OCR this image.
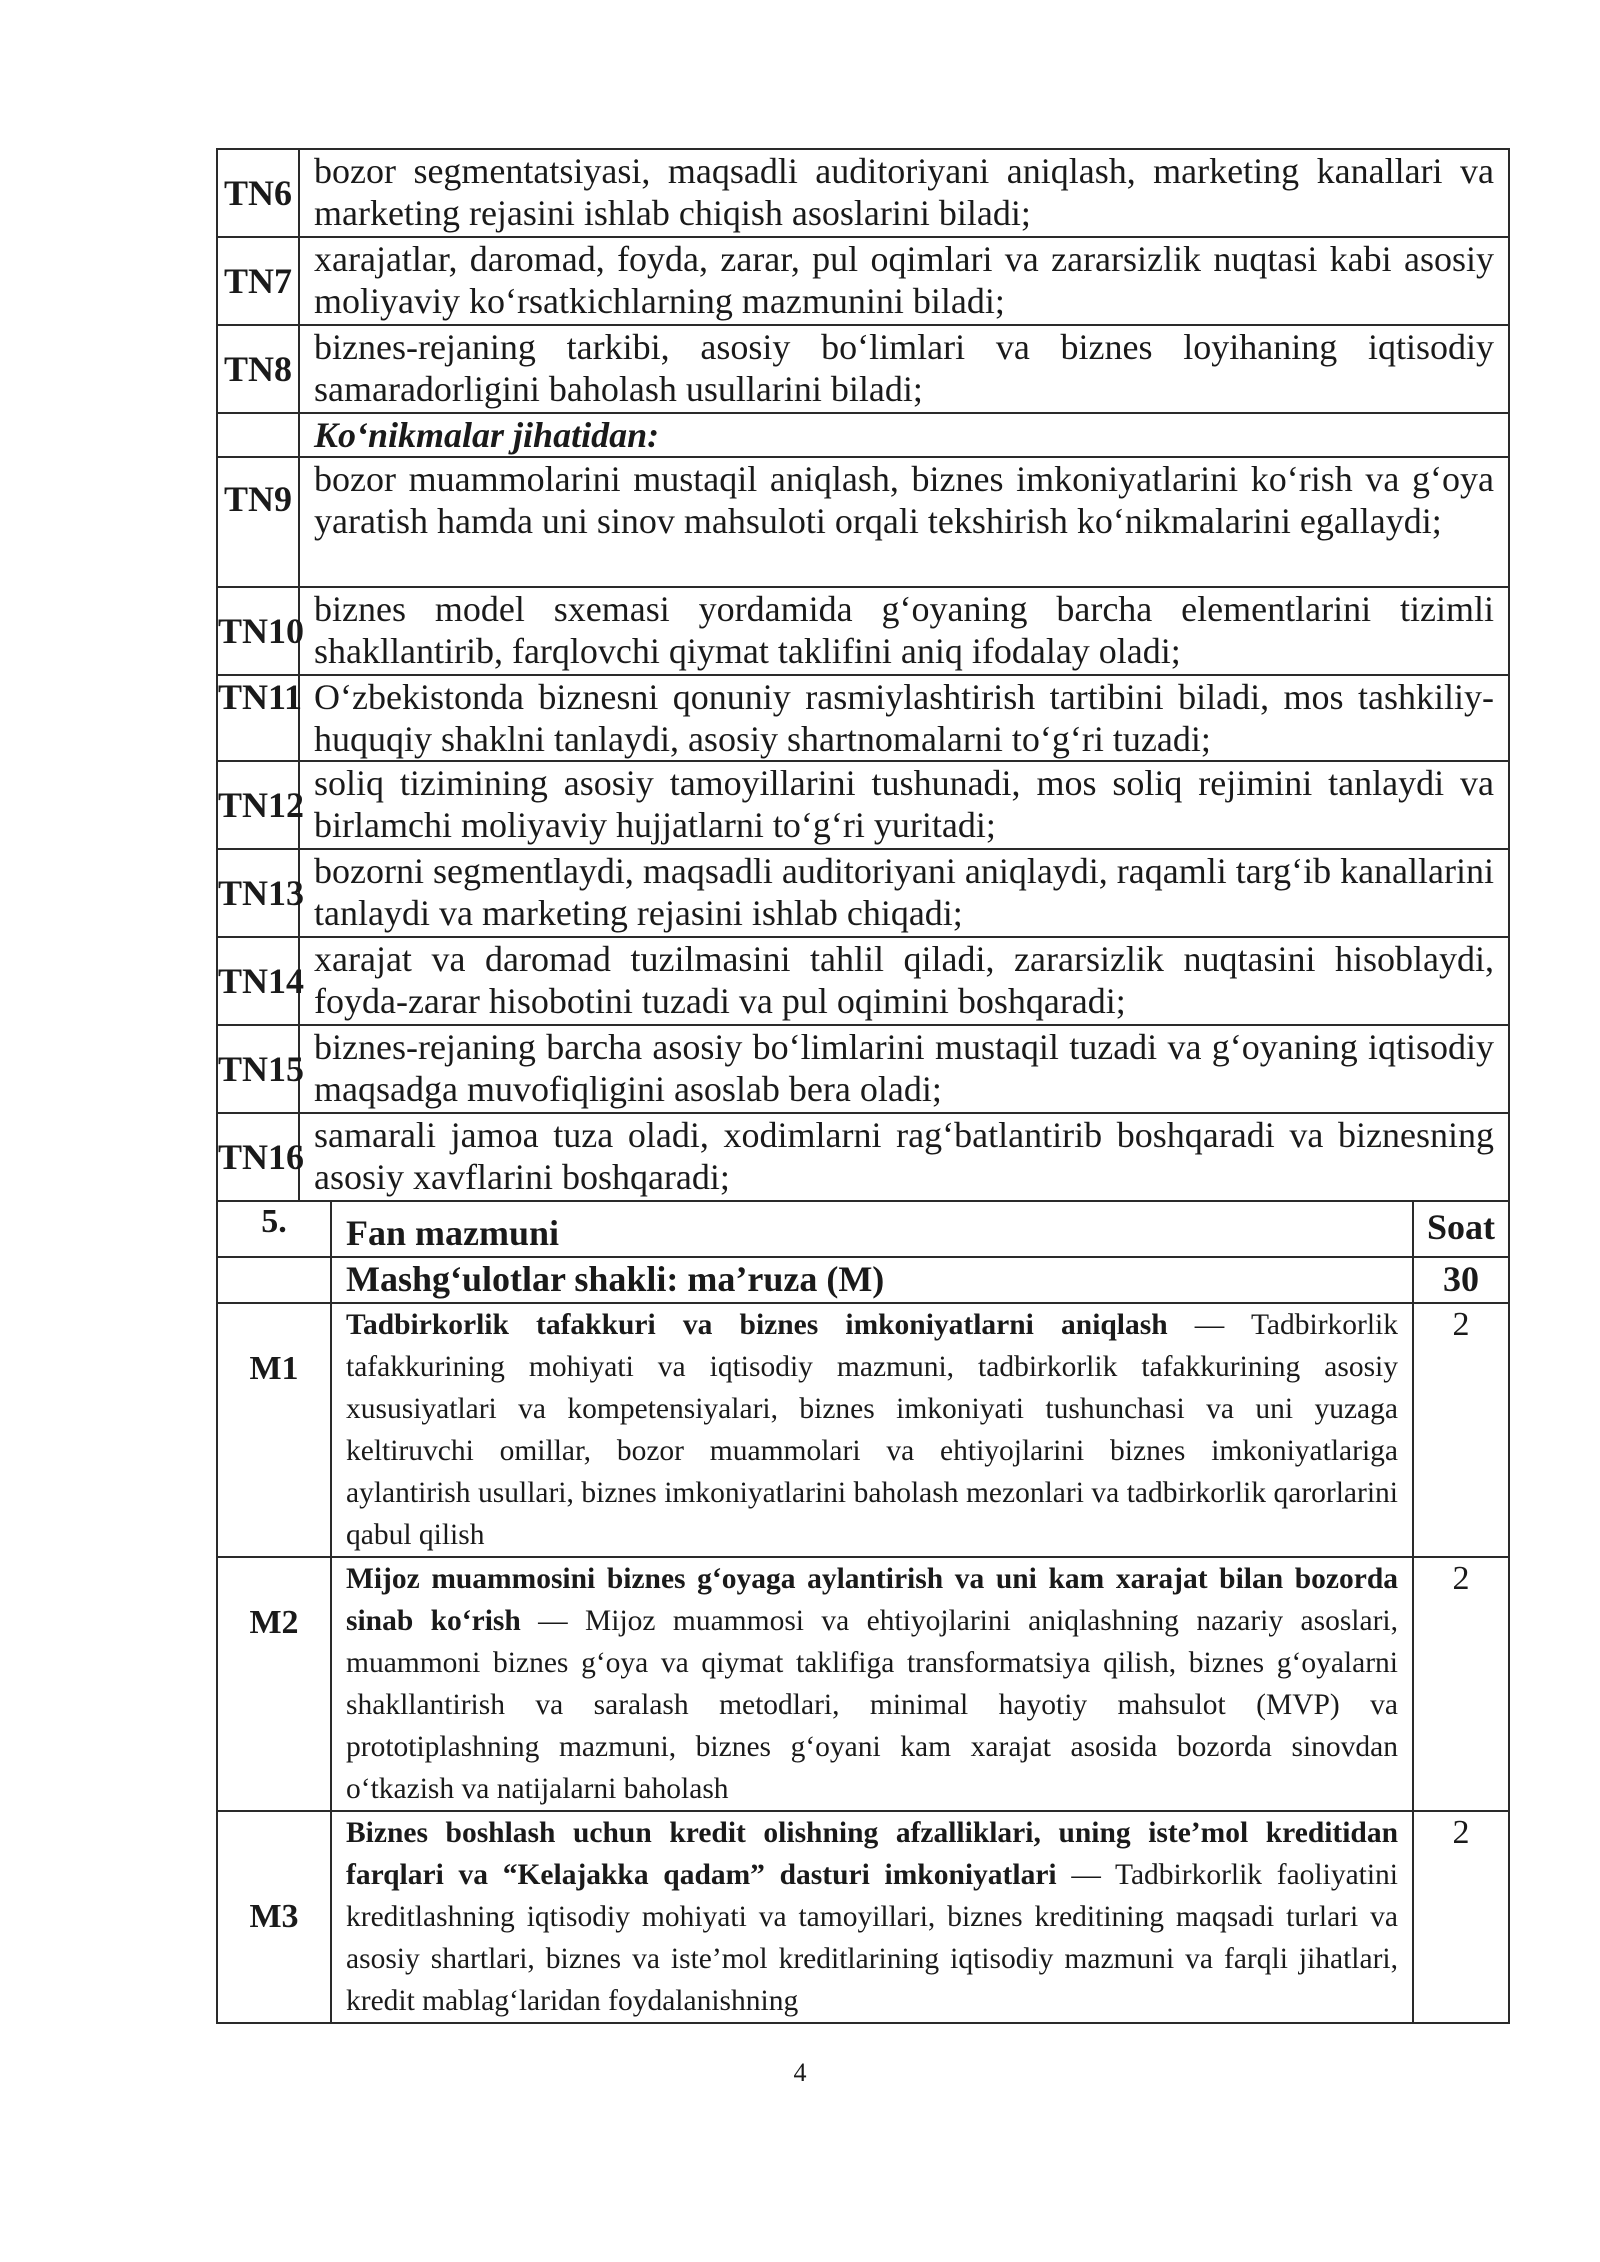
TN6	bozor segmentatsiyasi, maqsadli auditoriyani aniqlash, marketing kanallari va marketing rejasini ishlab chiqish asoslarini biladi;
TN7	xarajatlar, daromad, foyda, zarar, pul oqimlari va zararsizlik nuqtasi kabi asosiy moliyaviy ko‘rsatkichlarning mazmunini biladi;
TN8	biznes-rejaning tarkibi, asosiy bo‘limlari va biznes loyihaning iqtisodiy samaradorligini baholash usullarini biladi;
	Ko‘nikmalar jihatidan:
TN9	bozor muammolarini mustaqil aniqlash, biznes imkoniyatlarini ko‘rish va g‘oya yaratish hamda uni sinov mahsuloti orqali tekshirish ko‘nikmalarini egallaydi;
TN10	biznes model sxemasi yordamida g‘oyaning barcha elementlarini tizimli shakllantirib, farqlovchi qiymat taklifini aniq ifodalay oladi;
TN11	O‘zbekistonda biznesni qonuniy rasmiylashtirish tartibini biladi, mos tashkiliy-huquqiy shaklni tanlaydi, asosiy shartnomalarni to‘g‘ri tuzadi;
TN12	soliq tizimining asosiy tamoyillarini tushunadi, mos soliq rejimini tanlaydi va birlamchi moliyaviy hujjatlarni to‘g‘ri yuritadi;
TN13	bozorni segmentlaydi, maqsadli auditoriyani aniqlaydi, raqamli targ‘ib kanallarini tanlaydi va marketing rejasini ishlab chiqadi;
TN14	xarajat va daromad tuzilmasini tahlil qiladi, zararsizlik nuqtasini hisoblaydi, foyda-zarar hisobotini tuzadi va pul oqimini boshqaradi;
TN15	biznes-rejaning barcha asosiy bo‘limlarini mustaqil tuzadi va g‘oyaning iqtisodiy maqsadga muvofiqligini asoslab bera oladi;
TN16	samarali jamoa tuza oladi, xodimlarni rag‘batlantirib boshqaradi va biznesning asosiy xavflarini boshqaradi;
5.	Fan mazmuni	Soat
	Mashg‘ulotlar shakli: ma’ruza (M)	30
M1	Tadbirkorlik tafakkuri va biznes imkoniyatlarni aniqlash — Tadbirkorlik tafakkurining mohiyati va iqtisodiy mazmuni, tadbirkorlik tafakkurining asosiy xususiyatlari va kompetensiyalari, biznes imkoniyati tushunchasi va uni yuzaga keltiruvchi omillar, bozor muammolari va ehtiyojlarini biznes imkoniyatlariga aylantirish usullari, biznes imkoniyatlarini baholash mezonlari va tadbirkorlik qarorlarini qabul qilish	2
M2	Mijoz muammosini biznes g‘oyaga aylantirish va uni kam xarajat bilan bozorda sinab ko‘rish — Mijoz muammosi va ehtiyojlarini aniqlashning nazariy asoslari, muammoni biznes g‘oya va qiymat taklifiga transformatsiya qilish, biznes g‘oyalarni shakllantirish va saralash metodlari, minimal hayotiy mahsulot (MVP) va prototiplashning mazmuni, biznes g‘oyani kam xarajat asosida bozorda sinovdan o‘tkazish va natijalarni baholash	2
M3	Biznes boshlash uchun kredit olishning afzalliklari, uning iste’mol kreditidan farqlari va “Kelajakka qadam” dasturi imkoniyatlari — Tadbirkorlik faoliyatini kreditlashning iqtisodiy mohiyati va tamoyillari, biznes kreditining maqsadi turlari va asosiy shartlari, biznes va iste’mol kreditlarining iqtisodiy mazmuni va farqli jihatlari, kredit mablag‘laridan foydalanishning	2
4
